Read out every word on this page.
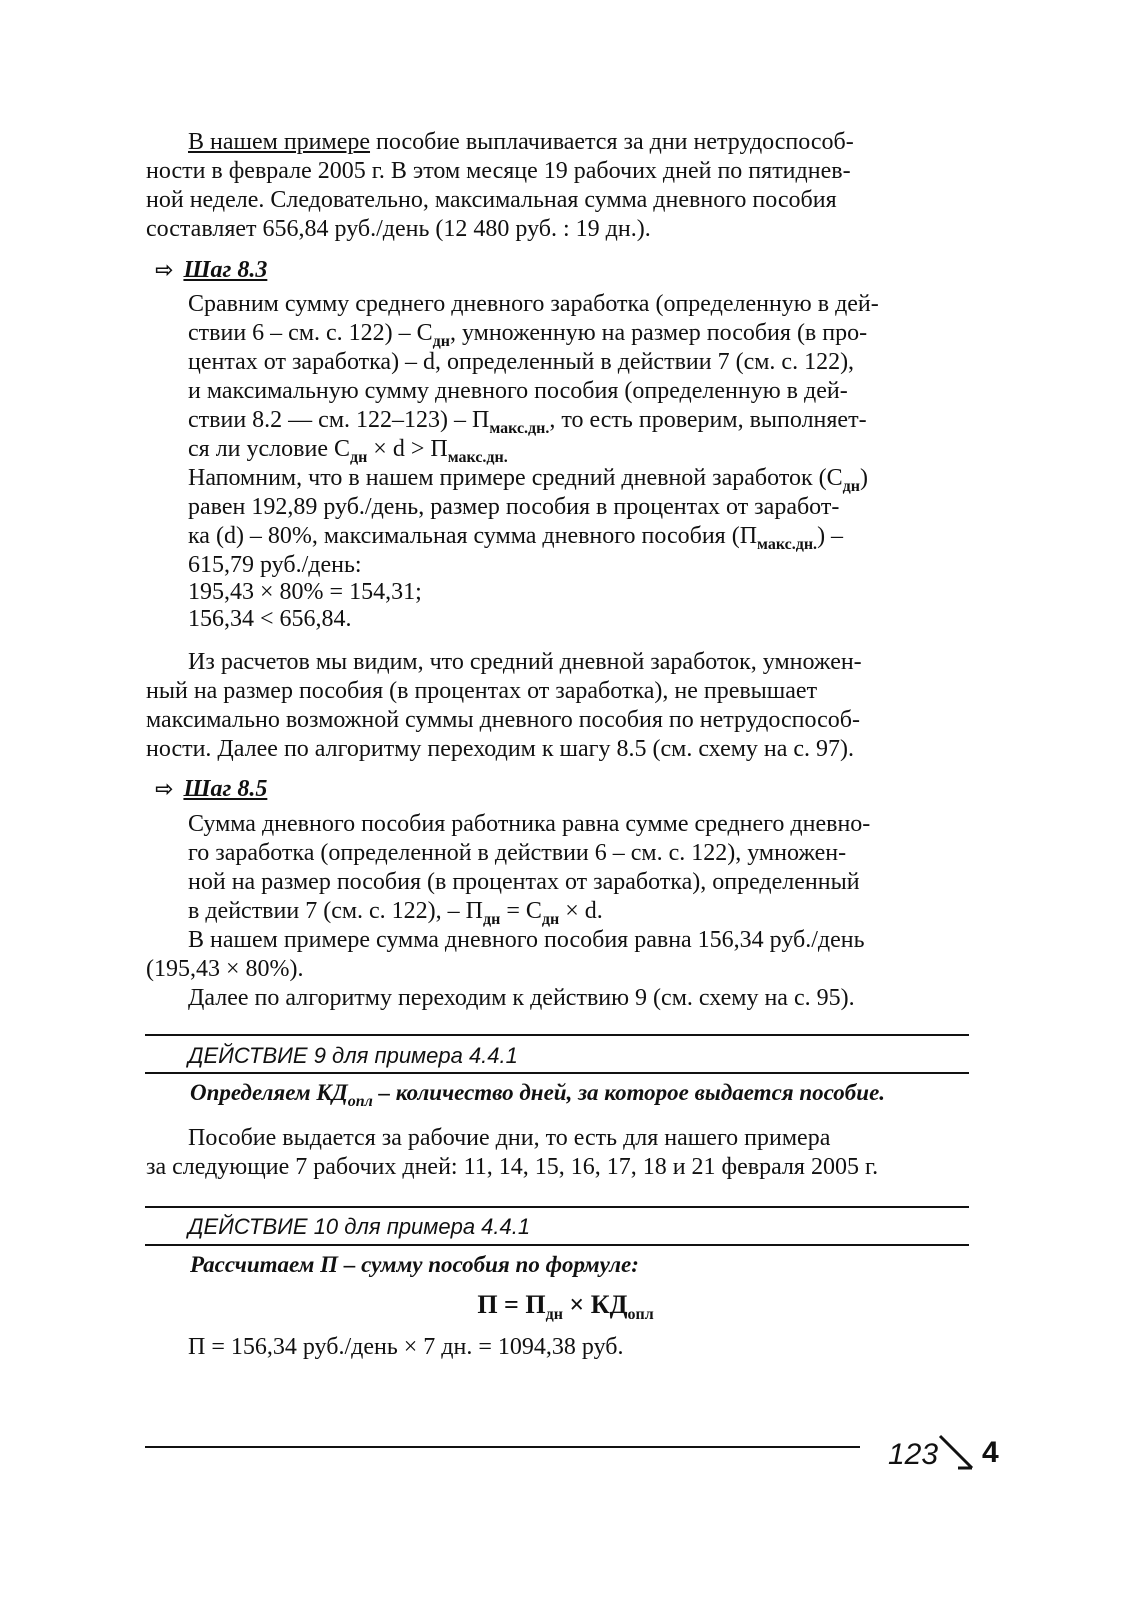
В нашем примере пособие выплачивается за дни нетрудоспособ-
ности в феврале 2005 г. В этом месяце 19 рабочих дней по пятиднев-
ной неделе. Следовательно, максимальная сумма дневного пособия
составляет 656,84 руб./день (12 480 руб. : 19 дн.).
⇨ Шаг 8.3
Сравним сумму среднего дневного заработка (определенную в дей-
ствии 6 – см. с. $122) - С_{дн}$, умноженную на размер пособия (в про-
центах от заработка) – d, определенный в действии 7 (см. с. 122),
и максимальную сумму дневного пособия (определенную в дей-
ствии 8.2 — см. $122-123) - П_{макс.дн.}$, то есть проверим, выполняет-
ся ли условие $С_{дн} \times d > П_{макс.дн.}$
Напомним, что в нашем примере средний дневной заработок $(С_{дн})$
равен 192,89 руб./день, размер пособия в процентах от заработ-
ка (d) – 80%, максимальная сумма дневного пособия $(П_{макс.дн.})$ –
615,79 руб./день:
195,43 × 80% = 154,31;
156,34 < 656,84.
Из расчетов мы видим, что средний дневной заработок, умножен-
ный на размер пособия (в процентах от заработка), не превышает
максимально возможной суммы дневного пособия по нетрудоспособ-
ности. Далее по алгоритму переходим к шагу 8.5 (см. схему на с. 97).
⇨ Шаг 8.5
Сумма дневного пособия работника равна сумме среднего дневно-
го заработка (определенной в действии 6 – см. с. 122), умножен-
ной на размер пособия (в процентах от заработка), определенный
в действии 7 (см. с. 122), – $П_{дн} = С_{дн} \times d$.
В нашем примере сумма дневного пособия равна 156,34 руб./день
(195,43 × 80%).
Далее по алгоритму переходим к действию 9 (см. схему на с. 95).
ДЕЙСТВИЕ 9 для примера 4.4.1
Определяем $КД_{опл}$ – количество дней, за которое выдается пособие.
Пособие выдается за рабочие дни, то есть для нашего примера
за следующие 7 рабочих дней: 11, 14, 15, 16, 17, 18 и 21 февраля 2005 г.
ДЕЙСТВИЕ 10 для примера 4.4.1
Рассчитаем П – сумму пособия по формуле:
$П = П_{дн} \times КД_{опл}$
П = 156,34 руб./день × 7 дн. = 1094,38 руб.
123 4
